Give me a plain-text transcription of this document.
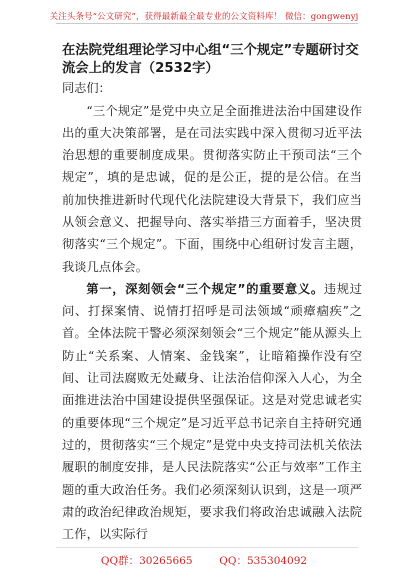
关注头条号“公文研究”，获得最新最全最专业的公文资料库！ 微信：gongwenyj
在法院党组理论学习中心组“三个规定”专题研讨交流会上的发言（2532字）

同志们：

“三个规定”是党中央立足全面推进法治中国建设作出的重大决策部署，是在司法实践中深入贯彻习近平法治思想的重要制度成果。贯彻落实防止干预司法“三个规定”，填的是忠诚，促的是公正，提的是公信。在当前加快推进新时代现代化法院建设大背景下，我们应当从领会意义、把握导向、落实举措三方面着手，坚决贯彻落实“三个规定”。下面，围绕中心组研讨发言主题，我谈几点体会。

第一，深刻领会“三个规定”的重要意义。违规过问、打探案情、说情打招呼是司法领域“顽瘴痼疾”之首。全体法院干警必须深刻领会“三个规定”能从源头上防止“关系案、人情案、金钱案”，让暗箱操作没有空间、让司法腐败无处藏身、让法治信仰深入人心，为全面推进法治中国建设提供坚强保证。这是对党忠诚老实的重要体现“三个规定”是习近平总书记亲自主持研究通过的，贯彻落实“三个规定”是党中央支持司法机关依法履职的制度安排，是人民法院落实“公正与效率”工作主题的重大政治任务。我们必须深刻认识到，这是一项严肃的政治纪律政治规矩，要求我们将政治忠诚融入法院工作，以实际行

QQ群：30265665        QQ：535304092
